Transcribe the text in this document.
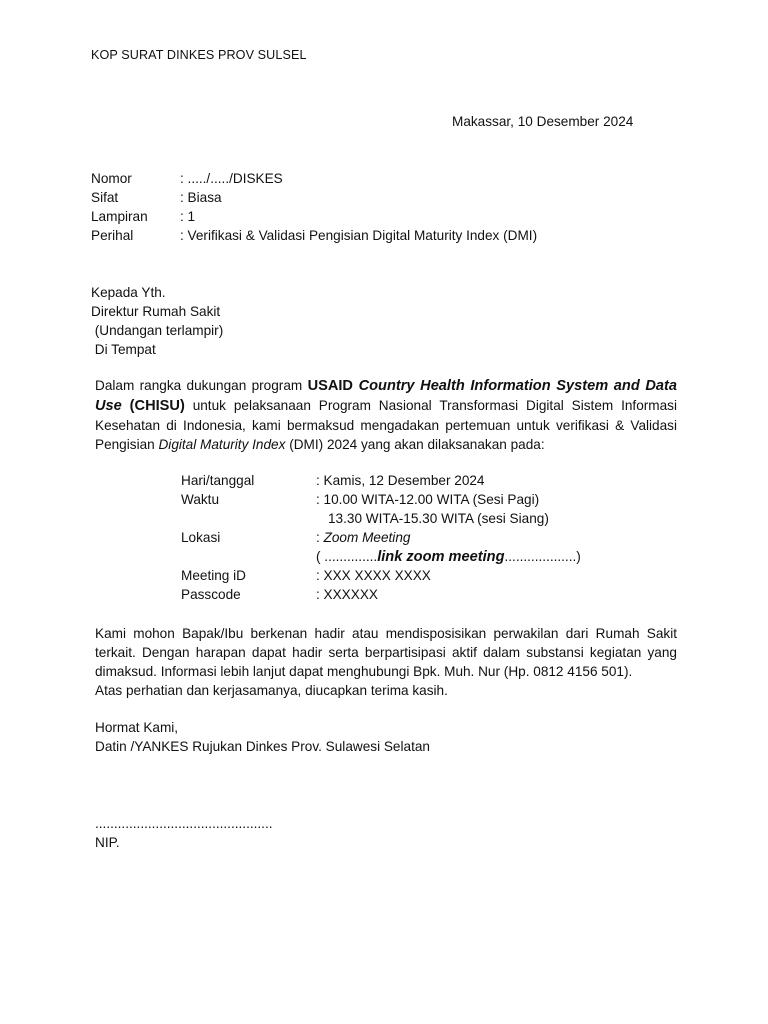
KOP SURAT DINKES PROV SULSEL
Makassar, 10 Desember 2024
Nomor	: ...../...../DISKES
Sifat	: Biasa
Lampiran	: 1
Perihal	: Verifikasi & Validasi Pengisian Digital Maturity Index (DMI)
Kepada Yth.
Direktur Rumah Sakit
(Undangan terlampir)
Di Tempat
Dalam rangka dukungan program USAID Country Health Information System and Data Use (CHISU) untuk pelaksanaan Program Nasional Transformasi Digital Sistem Informasi Kesehatan di Indonesia, kami bermaksud mengadakan pertemuan untuk verifikasi & Validasi Pengisian Digital Maturity Index (DMI) 2024 yang akan dilaksanakan pada:
Hari/tanggal	: Kamis, 12 Desember 2024
Waktu	: 10.00 WITA-12.00 WITA (Sesi Pagi)
13.30 WITA-15.30 WITA (sesi Siang)
Lokasi	: Zoom Meeting
( ..............link zoom meeting...................)
Meeting iD	: XXX XXXX XXXX
Passcode	: XXXXXX
Kami mohon Bapak/Ibu berkenan hadir atau mendisposisikan perwakilan dari Rumah Sakit terkait. Dengan harapan dapat hadir serta berpartisipasi aktif dalam substansi kegiatan yang dimaksud. Informasi lebih lanjut dapat menghubungi Bpk. Muh. Nur (Hp. 0812 4156 501).
Atas perhatian dan kerjasamanya, diucapkan terima kasih.
Hormat Kami,
Datin /YANKES Rujukan Dinkes Prov. Sulawesi Selatan
...............................................
NIP.
